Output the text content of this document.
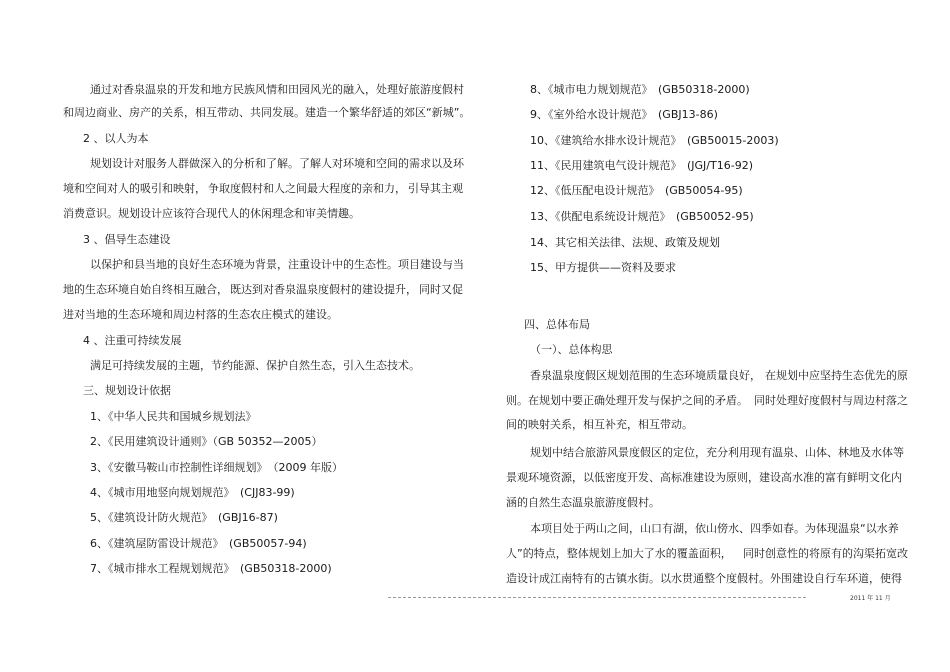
通过对香泉温泉的开发和地方民族风情和田园风光的融入， 处理好旅游度假村
和周边商业、房产的关系， 相互带动、共同发展。建造一个繁华舒适的郊区 “新城”。
2 、以人为本
规划设计对服务人群做深入的分析和了解。 了解人对环境和空间的需求以及环
境和空间对人的吸引和映射， 争取度假村和人之间最大程度的亲和力， 引导其主观
消费意识。规划设计应该符合现代人的休闲理念和审美情趣。
3 、倡导生态建设
以保护和县当地的良好生态环境为背景， 注重设计中的生态性。 项目建设与当
地的生态环境自始自终相互融合， 既达到对香泉温泉度假村的建设提升， 同时又促
进对当地的生态环境和周边村落的生态农庄模式的建设。
4 、注重可持续发展
满足可持续发展的主题，节约能源、保护自然生态，引入生态技术。
三、规划设计依据
1、《中华人民共和国城乡规划法》
2、《民用建筑设计通则》（GB 50352—2005）
3、《安徽马鞍山市控制性详细规划》　（2009 年版）
4、《城市用地竖向规划规范》　(CJJ83-99)
5、《建筑设计防火规范》　(GBJ16-87)
6、《建筑屋防雷设计规范》　(GB50057-94)
7、《城市排水工程规划规范》　(GB50318-2000)
8、《城市电力规划规范》　(GB50318-2000)
9、《室外给水设计规范》　(GBJ13-86)
10、《建筑给水排水设计规范》　(GB50015-2003)
11、《民用建筑电气设计规范》　(JGJ/T16-92)
12、《低压配电设计规范》　(GB50054-95)
13、《供配电系统设计规范》　(GB50052-95)
14、其它相关法律、法规、政策及规划
15、甲方提供——资料及要求
四、总体布局
（一）、总体构思
香泉温泉度假区规划范围的生态环境质量良好， 在规划中应坚持生态优先的原
则。在规划中要正确处理开发与保护之间的矛盾。 同时处理好度假村与周边村落之
间的映射关系，相互补充，相互带动。
规划中结合旅游风景度假区的定位，充分利用现有温泉、山体、林地及水体等
景观环境资源，以低密度开发、高标准建设为原则，建设高水准的富有鲜明文化内
涵的自然生态温泉旅游度假村。
本项目处于两山之间，山口有湖，依山傍水、四季如春。为体现温泉“以水养
人”的特点，整体规划上加大了水的覆盖面积， 同时创意性的将原有的沟渠拓宽改
造设计成江南特有的古镇水街。以水贯通整个度假村。外围建设自行车环道，使得
2011 年 11 月
